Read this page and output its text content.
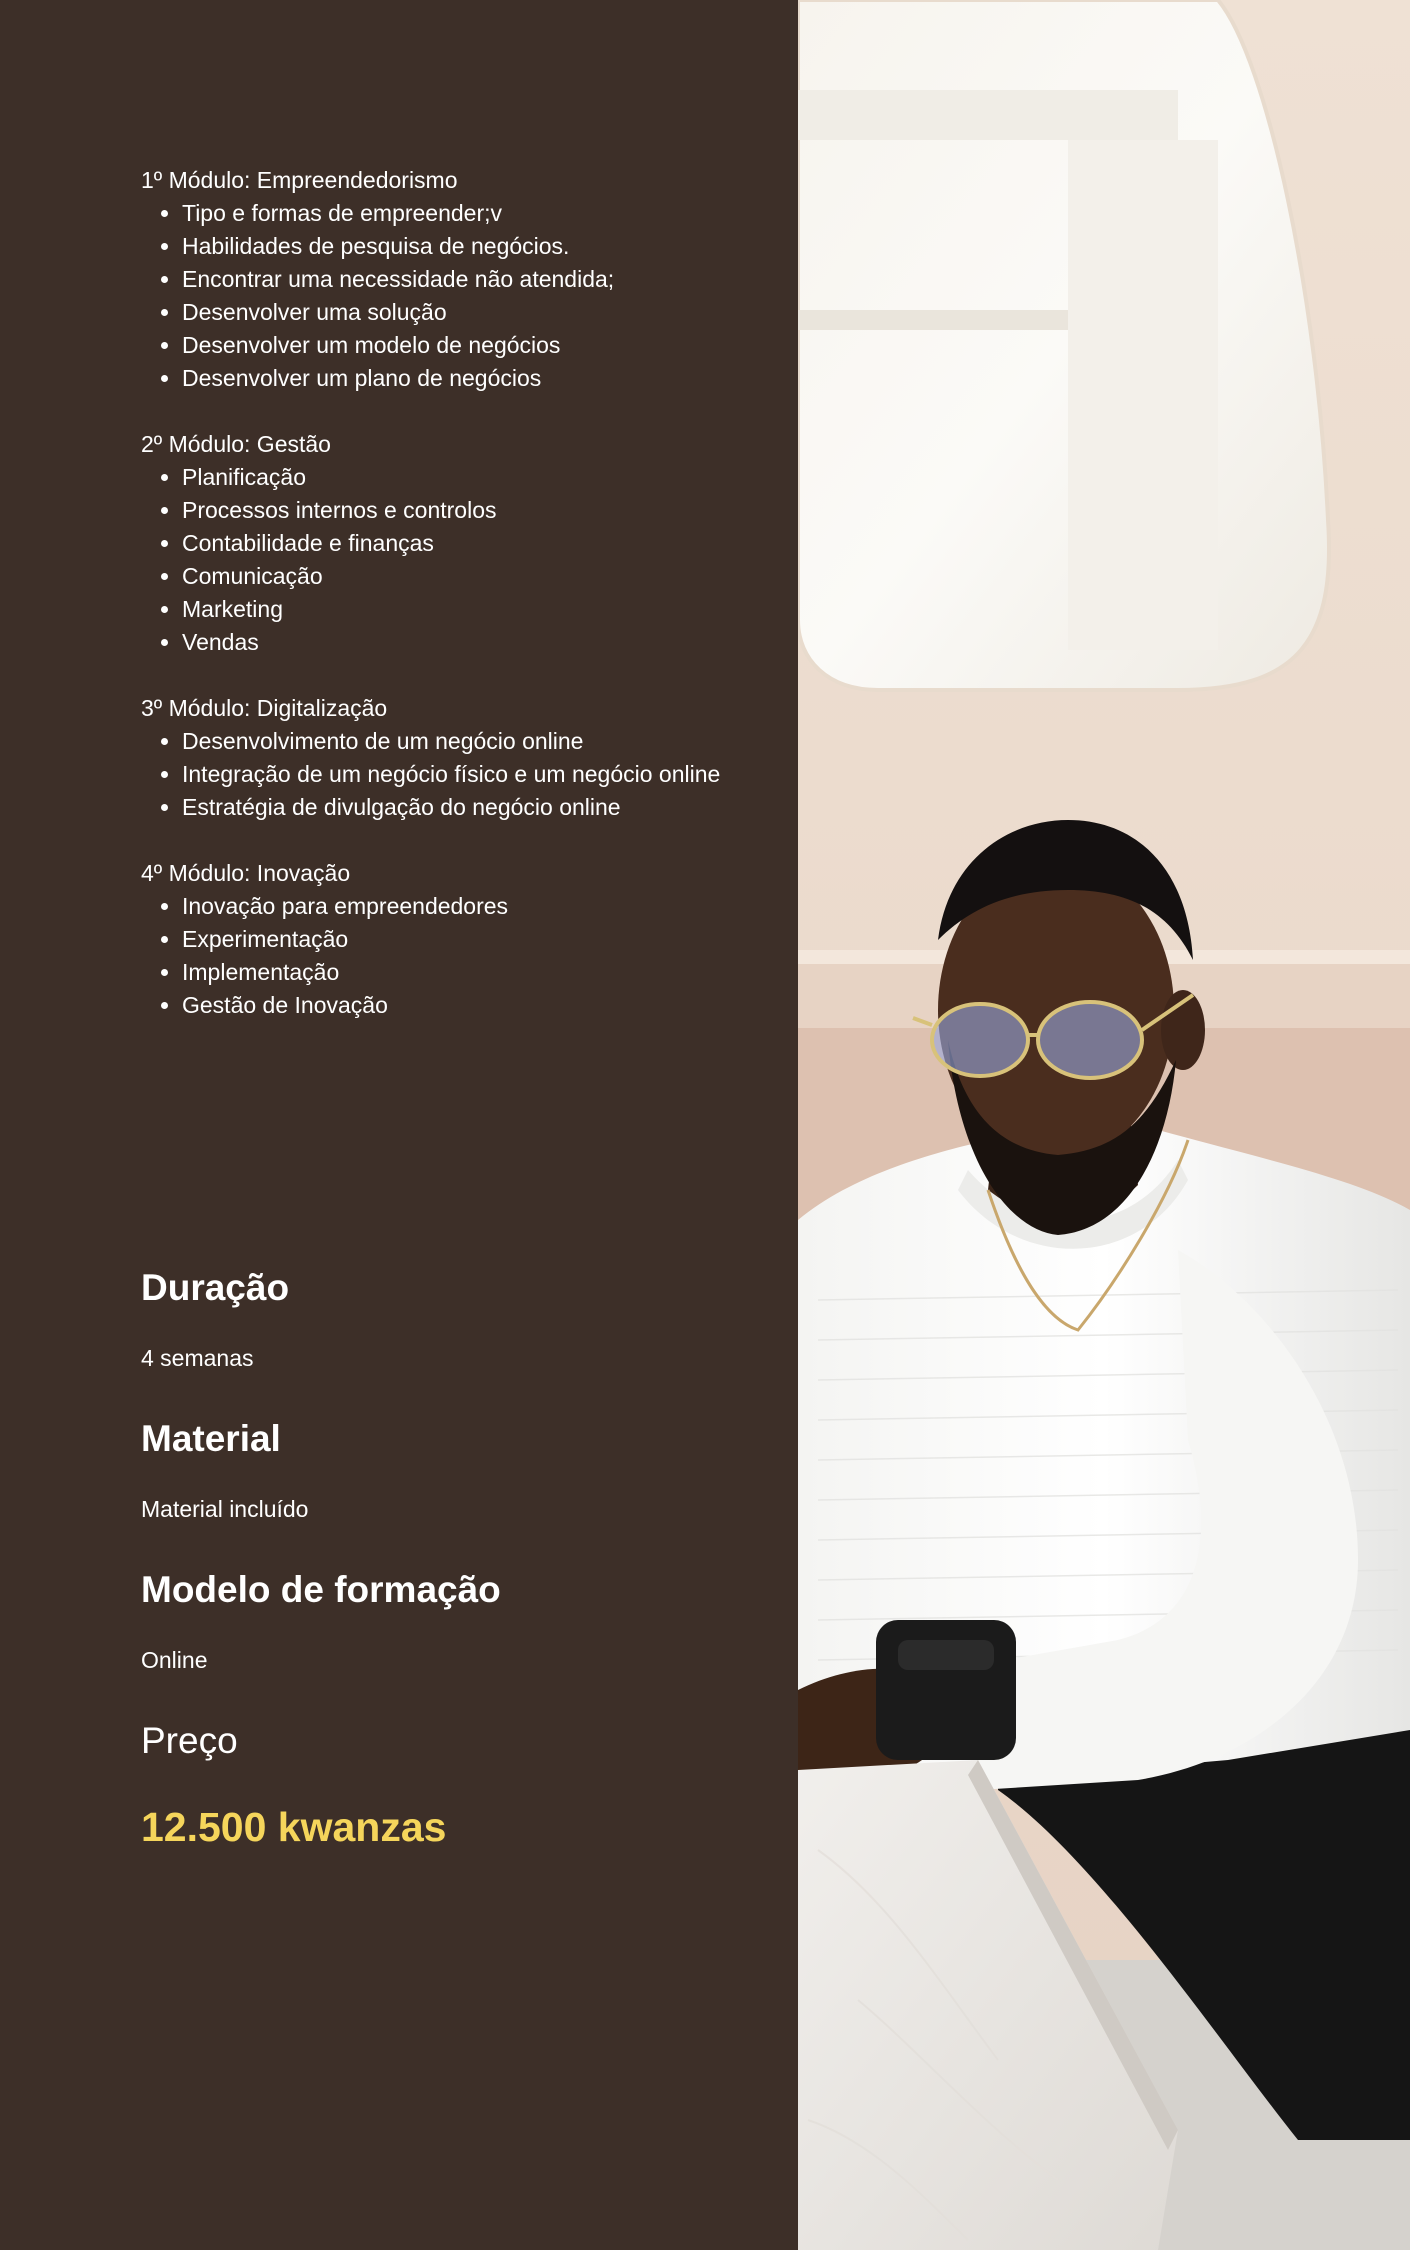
1º Módulo: Empreendedorismo

• Tipo e formas de empreender;v
• Habilidades de pesquisa de negócios.
• Encontrar uma necessidade não atendida;
• Desenvolver uma solução
• Desenvolver um modelo de negócios
• Desenvolver um plano de negócios

2º Módulo: Gestão

• Planificação
• Processos internos e controlos
• Contabilidade e finanças
• Comunicação
• Marketing
• Vendas

3º Módulo: Digitalização

• Desenvolvimento de um negócio online
• Integração de um negócio físico e um negócio online
• Estratégia de divulgação do negócio online

4º Módulo: Inovação

• Inovação para empreendedores
• Experimentação
• Implementação
• Gestão de Inovação
Duração

4 semanas

Material

Material incluído

Modelo de formação

Online

Preço

12.500 kwanzas
